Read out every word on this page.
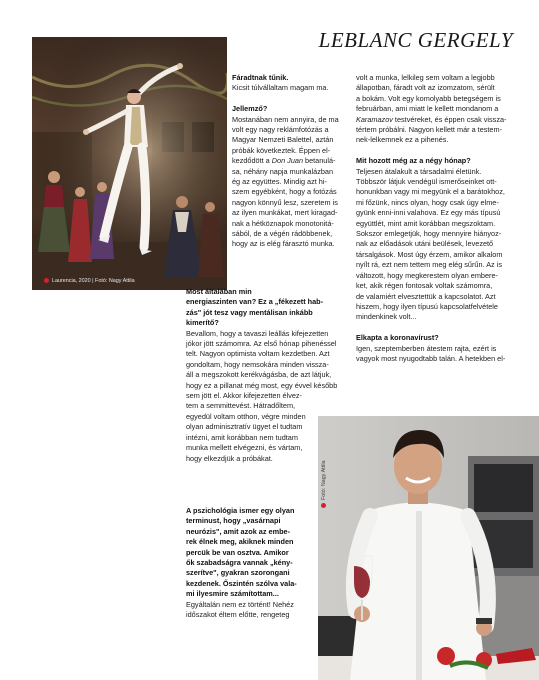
LEBLANC GERGELY
Laurencia, 2020 | Fotó: Nagy Attila
Fotó: Nagy Attila

Fáradtnak tűnik.

Kicsit túlvállaltam magam ma.

Jellemző?

Mostanában nem annyira, de ma

volt egy nagy reklámfotózás a

Magyar Nemzeti Balettel, aztán

próbák következtek. Éppen el-

kezdődött a Don Juan betanulá-

sa, néhány napja munkalázban

ég az együttes. Mindig azt hi-

szem egyébként, hogy a fotózás

nagyon könnyű lesz, szeretem is

az ilyen munkákat, mert kiragad-

nak a hétköznapok monotonitá-

sából, de a végén rádöbbenek,

hogy az is elég fárasztó munka.

Most általában min

energiaszinten van? Ez a „fékezett hab-

zás" jót tesz vagy mentálisan inkább

kimerítő?

Bevallom, hogy a tavaszi leállás kifejezetten

jókor jött számomra. Az első hónap pihenéssel

telt. Nagyon optimista voltam kezdetben. Azt

gondoltam, hogy nemsokára minden vissza-

áll a megszokott kerékvágásba, de azt látjuk,

hogy ez a pillanat még most, egy évvel később

sem jött el. Akkor kifejezetten élvez-

tem a semmittevést. Hátradőltem,

egyedül voltam otthon, végre minden

olyan adminisztratív ügyet el tudtam

intézni, amit korábban nem tudtam

munka mellett elvégezni, és vártam,

hogy elkezdjük a próbákat.

A pszichológia ismer egy olyan

terminust, hogy „vasárnapi

neurózis", amit azok az embe-

rek élnek meg, akiknek minden

percük be van osztva. Amikor

ők szabadságra vannak „kény-

szerítve", gyakran szorongani

kezdenek. Őszintén szólva vala-

mi ilyesmire számítottam...

Egyáltalán nem ez történt! Nehéz

időszakot éltem előtte, rengeteg

volt a munka, lelkileg sem voltam a legjobb

állapotban, fáradt volt az izomzatom, sérült

a bokám. Volt egy komolyabb betegségem is

februárban, ami miatt le kellett mondanom a

Karamazov testvéreket, és éppen csak vissza-

tértem próbálni. Nagyon kellett már a testem-

nek-lelkemnek ez a pihenés.

Mit hozott még az a négy hónap?

Teljesen átalakult a társadalmi életünk.

Többször látjuk vendégül ismerőseinket ott-

honunkban vagy mi megyünk el a barátokhoz,

mi főzünk, nincs olyan, hogy csak úgy elme-

gyünk enni-inni valahova. Ez egy más típusú

együttlét, mint amit korábban megszoktam.

Sokszor emlegetjük, hogy mennyire hiányoz-

nak az előadások utáni beülések, levezető

társalgások. Most úgy érzem, amikor alkalom

nyílt rá, ezt nem tettem meg elég sűrűn. Az is

változott, hogy megkerestem olyan embere-

ket, akik régen fontosak voltak számomra,

de valamiért elvesztettük a kapcsolatot. Azt

hiszem, hogy ilyen típusú kapcsolatfelvétele

mindenkinek volt...

Elkapta a koronavírust?

Igen, szeptemberben átestem rajta, ezért is

vagyok most nyugodtabb talán. A hetekben el-
